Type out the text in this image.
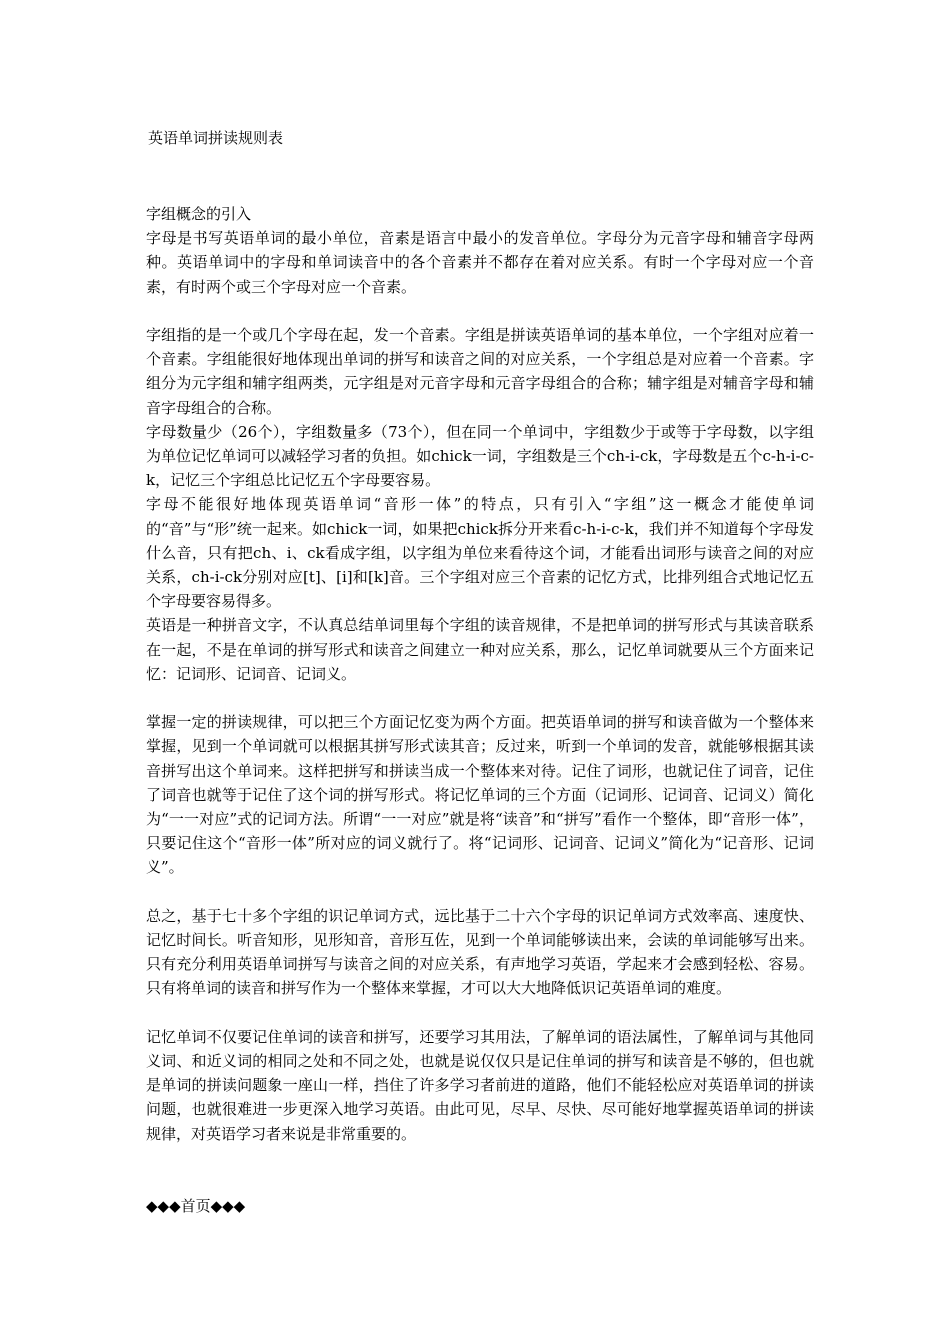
英语单词拼读规则表

字组概念的引入

字母是书写英语单词的最小单位，音素是语言中最小的发音单位。字母分为元音字母和辅音字母两种。英语单词中的字母和单词读音中的各个音素并不都存在着对应关系。有时一个字母对应一个音素，有时两个或三个字母对应一个音素。

字组指的是一个或几个字母在起，发一个音素。字组是拼读英语单词的基本单位，一个字组对应着一个音素。字组能很好地体现出单词的拼写和读音之间的对应关系，一个字组总是对应着一个音素。字组分为元字组和辅字组两类，元字组是对元音字母和元音字母组合的合称；辅字组是对辅音字母和辅音字母组合的合称。

字母数量少（26个），字组数量多（73个），但在同一个单词中，字组数少于或等于字母数，以字组为单位记忆单词可以减轻学习者的负担。如chick一词，字组数是三个ch-i-ck，字母数是五个c-h-i-c-k，记忆三个字组总比记忆五个字母要容易。

字母不能很好地体现英语单词“音形一体”的特点，只有引入“字组”这一概念才能使单词的“音”与“形”统一起来。如chick一词，如果把chick拆分开来看c-h-i-c-k，我们并不知道每个字母发什么音，只有把ch、i、ck看成字组，以字组为单位来看待这个词，才能看出词形与读音之间的对应关系，ch-i-ck分别对应[t]、[i]和[k]音。三个字组对应三个音素的记忆方式，比排列组合式地记忆五个字母要容易得多。

英语是一种拼音文字，不认真总结单词里每个字组的读音规律，不是把单词的拼写形式与其读音联系在一起，不是在单词的拼写形式和读音之间建立一种对应关系，那么，记忆单词就要从三个方面来记忆：记词形、记词音、记词义。

掌握一定的拼读规律，可以把三个方面记忆变为两个方面。把英语单词的拼写和读音做为一个整体来掌握，见到一个单词就可以根据其拼写形式读其音；反过来，听到一个单词的发音，就能够根据其读音拼写出这个单词来。这样把拼写和拼读当成一个整体来对待。记住了词形，也就记住了词音，记住了词音也就等于记住了这个词的拼写形式。将记忆单词的三个方面（记词形、记词音、记词义）简化为“一一对应”式的记词方法。所谓“一一对应”就是将“读音”和“拼写”看作一个整体，即“音形一体”，只要记住这个“音形一体”所对应的词义就行了。将“记词形、记词音、记词义”简化为“记音形、记词义”。

总之，基于七十多个字组的识记单词方式，远比基于二十六个字母的识记单词方式效率高、速度快、记忆时间长。听音知形，见形知音，音形互佐，见到一个单词能够读出来，会读的单词能够写出来。只有充分利用英语单词拼写与读音之间的对应关系，有声地学习英语，学起来才会感到轻松、容易。只有将单词的读音和拼写作为一个整体来掌握，才可以大大地降低识记英语单词的难度。

记忆单词不仅要记住单词的读音和拼写，还要学习其用法，了解单词的语法属性，了解单词与其他同义词、和近义词的相同之处和不同之处，也就是说仅仅只是记住单词的拼写和读音是不够的，但也就是单词的拼读问题象一座山一样，挡住了许多学习者前进的道路，他们不能轻松应对英语单词的拼读问题，也就很难进一步更深入地学习英语。由此可见，尽早、尽快、尽可能好地掌握英语单词的拼读规律，对英语学习者来说是非常重要的。

◆◆◆首页◆◆◆
